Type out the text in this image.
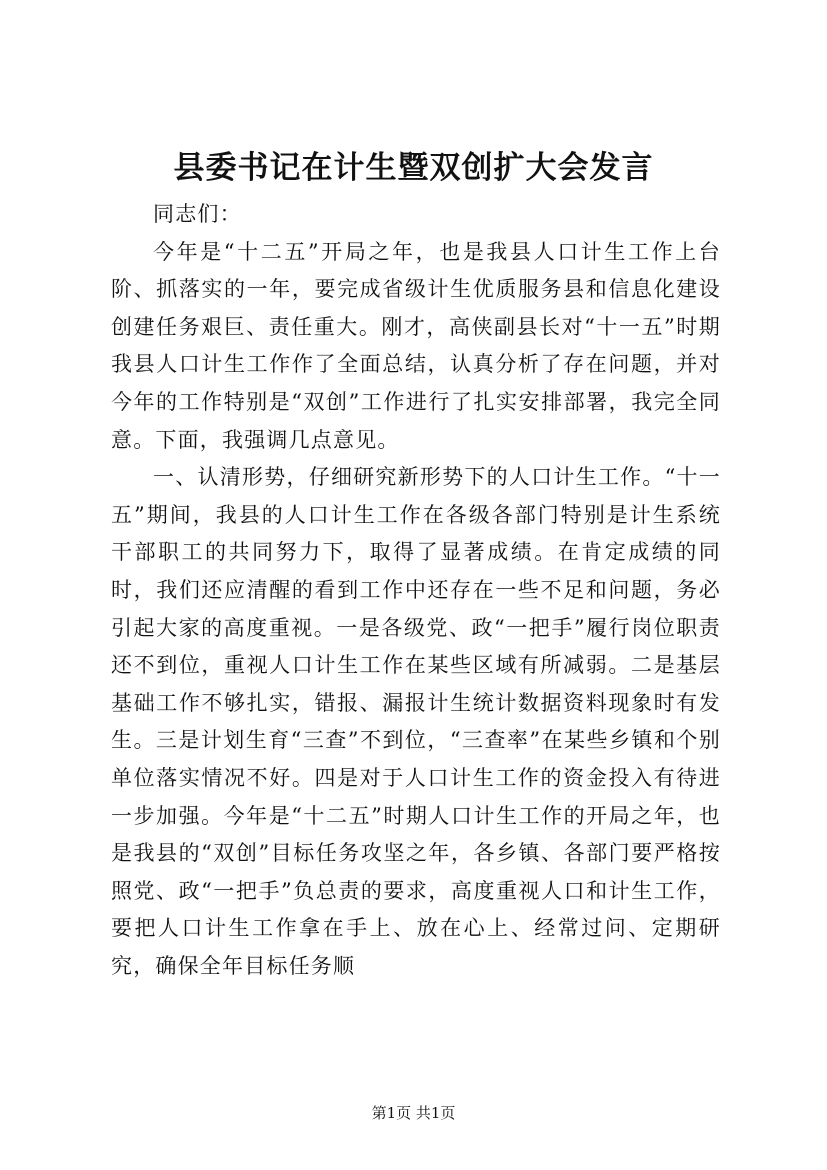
县委书记在计生暨双创扩大会发言

同志们：

今年是“十二五”开局之年，也是我县人口计生工作上台阶、抓落实的一年，要完成省级计生优质服务县和信息化建设创建任务艰巨、责任重大。刚才，高侠副县长对“十一五”时期我县人口计生工作作了全面总结，认真分析了存在问题，并对今年的工作特别是“双创”工作进行了扎实安排部署，我完全同意。下面，我强调几点意见。

一、认清形势，仔细研究新形势下的人口计生工作。“十一五”期间，我县的人口计生工作在各级各部门特别是计生系统干部职工的共同努力下，取得了显著成绩。在肯定成绩的同时，我们还应清醒的看到工作中还存在一些不足和问题，务必引起大家的高度重视。一是各级党、政“一把手”履行岗位职责还不到位，重视人口计生工作在某些区域有所减弱。二是基层基础工作不够扎实，错报、漏报计生统计数据资料现象时有发生。三是计划生育“三查”不到位，“三查率”在某些乡镇和个别单位落实情况不好。四是对于人口计生工作的资金投入有待进一步加强。今年是“十二五”时期人口计生工作的开局之年，也是我县的“双创”目标任务攻坚之年，各乡镇、各部门要严格按照党、政“一把手”负总责的要求，高度重视人口和计生工作，要把人口计生工作拿在手上、放在心上、经常过问、定期研究，确保全年目标任务顺

第1页 共1页
